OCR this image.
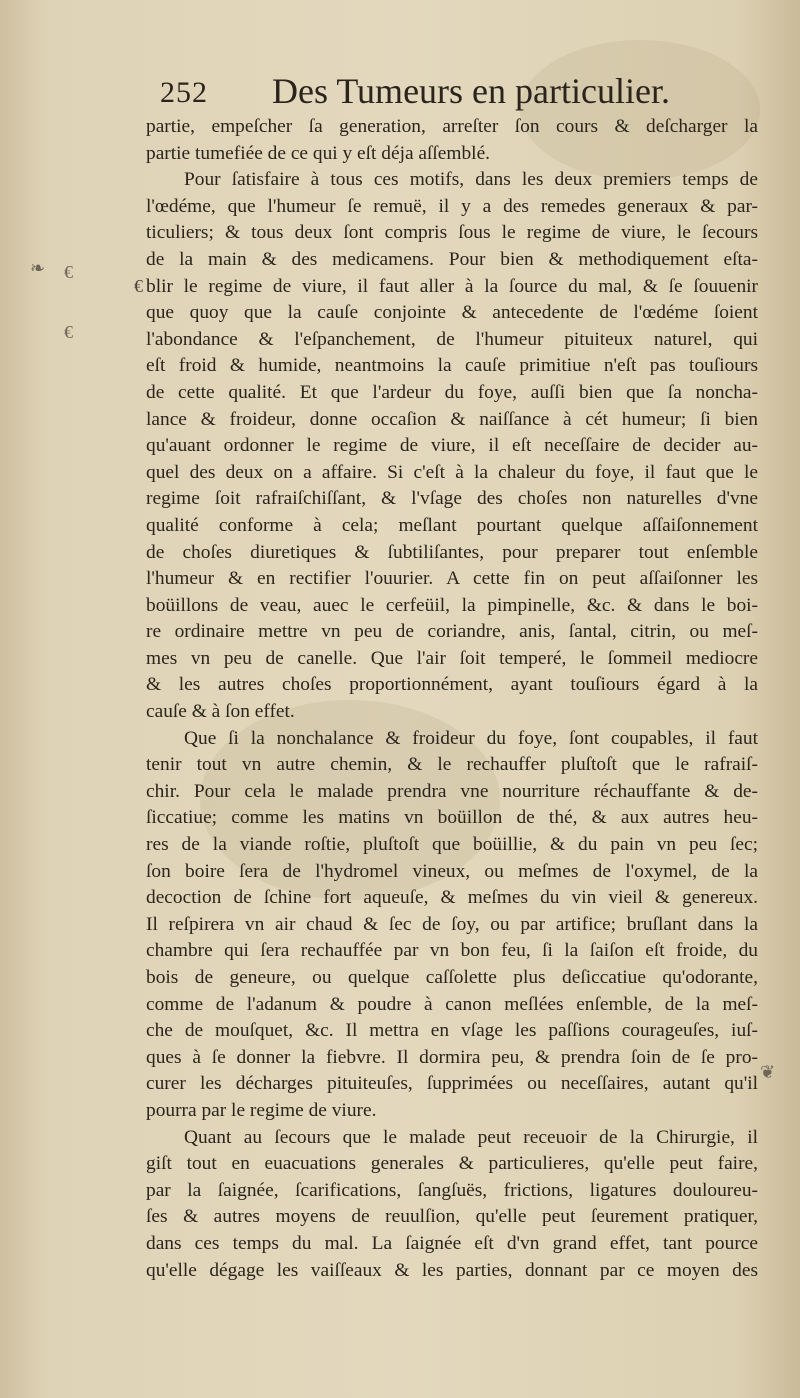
252 Des Tumeurs en particulier.
❧ €
€
€
❦
partie, empeſcher ſa generation, arreſter ſon cours & deſcharger la
partie tumefiée de ce qui y eſt déja aſſemblé.
Pour ſatisfaire à tous ces motifs, dans les deux premiers temps de
l'œdéme, que l'humeur ſe remuë, il y a des remedes generaux & par-
ticuliers; & tous deux ſont compris ſous le regime de viure, le ſecours
de la main & des medicamens. Pour bien & methodiquement eſta-
blir le regime de viure, il faut aller à la ſource du mal, & ſe ſouuenir
que quoy que la cauſe conjointe & antecedente de l'œdéme ſoient
l'abondance & l'eſpanchement, de l'humeur pituiteux naturel, qui
eſt froid & humide, neantmoins la cauſe primitiue n'eſt pas touſiours
de cette qualité. Et que l'ardeur du foye, auſſi bien que ſa noncha-
lance & froideur, donne occaſion & naiſſance à cét humeur; ſi bien
qu'auant ordonner le regime de viure, il eſt neceſſaire de decider au-
quel des deux on a affaire. Si c'eſt à la chaleur du foye, il faut que le
regime ſoit rafraiſchiſſant, & l'vſage des choſes non naturelles d'vne
qualité conforme à cela; meſlant pourtant quelque aſſaiſonnement
de choſes diuretiques & ſubtiliſantes, pour preparer tout enſemble
l'humeur & en rectifier l'ouurier. A cette fin on peut aſſaiſonner les
boüillons de veau, auec le cerfeüil, la pimpinelle, &c. & dans le boi-
re ordinaire mettre vn peu de coriandre, anis, ſantal, citrin, ou meſ-
mes vn peu de canelle. Que l'air ſoit temperé, le ſommeil mediocre
& les autres choſes proportionnément, ayant touſiours égard à la
cauſe & à ſon effet.
Que ſi la nonchalance & froideur du foye, ſont coupables, il faut
tenir tout vn autre chemin, & le rechauffer pluſtoſt que le rafraiſ-
chir. Pour cela le malade prendra vne nourriture réchauffante & de-
ſiccatiue; comme les matins vn boüillon de thé, & aux autres heu-
res de la viande roſtie, pluſtoſt que boüillie, & du pain vn peu ſec;
ſon boire ſera de l'hydromel vineux, ou meſmes de l'oxymel, de la
decoction de ſchine fort aqueuſe, & meſmes du vin vieil & genereux.
Il reſpirera vn air chaud & ſec de ſoy, ou par artifice; bruſlant dans la
chambre qui ſera rechauffée par vn bon feu, ſi la ſaiſon eſt froide, du
bois de geneure, ou quelque caſſolette plus deſiccatiue qu'odorante,
comme de l'adanum & poudre à canon meſlées enſemble, de la meſ-
che de mouſquet, &c. Il mettra en vſage les paſſions courageuſes, iuſ-
ques à ſe donner la fiebvre. Il dormira peu, & prendra ſoin de ſe pro-
curer les décharges pituiteuſes, ſupprimées ou neceſſaires, autant qu'il
pourra par le regime de viure.
Quant au ſecours que le malade peut receuoir de la Chirurgie, il
giſt tout en euacuations generales & particulieres, qu'elle peut faire,
par la ſaignée, ſcarifications, ſangſuës, frictions, ligatures douloureu-
ſes & autres moyens de reuulſion, qu'elle peut ſeurement pratiquer,
dans ces temps du mal. La ſaignée eſt d'vn grand effet, tant pource
qu'elle dégage les vaiſſeaux & les parties, donnant par ce moyen des
